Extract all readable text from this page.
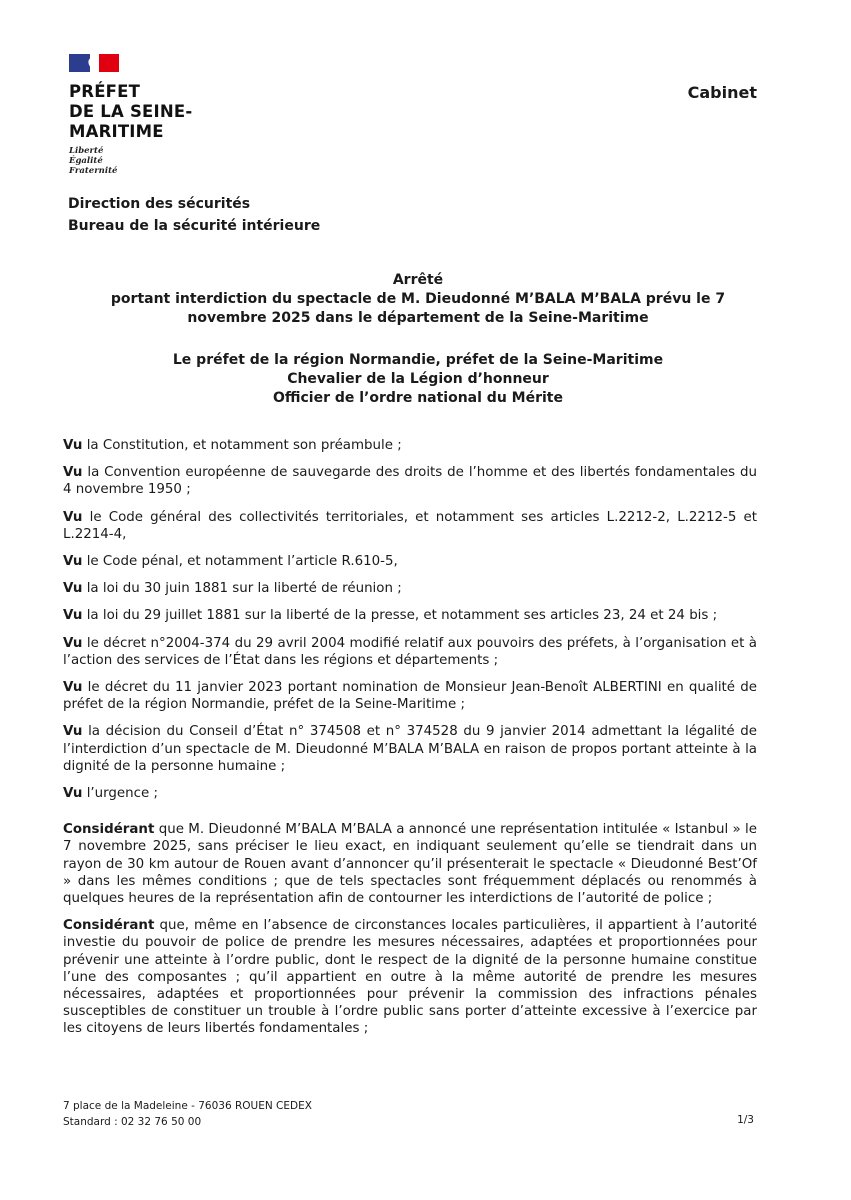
PRÉFET
DE LA SEINE-
MARITIME
Liberté
Égalité
Fraternité
Cabinet
Direction des sécurités
Bureau de la sécurité intérieure
Arrêté
portant interdiction du spectacle de M. Dieudonné M’BALA M’BALA prévu le 7 novembre 2025 dans le département de la Seine-Maritime
Le préfet de la région Normandie, préfet de la Seine-Maritime
Chevalier de la Légion d’honneur
Officier de l’ordre national du Mérite

Vu la Constitution, et notamment son préambule ;

Vu la Convention européenne de sauvegarde des droits de l’homme et des libertés fondamentales du 4 novembre 1950 ;

Vu le Code général des collectivités territoriales, et notamment ses articles L.2212-2, L.2212-5 et L.2214-4,

Vu le Code pénal, et notamment l’article R.610-5,

Vu la loi du 30 juin 1881 sur la liberté de réunion ;

Vu la loi du 29 juillet 1881 sur la liberté de la presse, et notamment ses articles 23, 24 et 24 bis ;

Vu le décret n°2004-374 du 29 avril 2004 modifié relatif aux pouvoirs des préfets, à l’organisation et à l’action des services de l’État dans les régions et départements ;

Vu le décret du 11 janvier 2023 portant nomination de Monsieur Jean-Benoît ALBERTINI en qualité de préfet de la région Normandie, préfet de la Seine-Maritime ;

Vu la décision du Conseil d’État n° 374508 et n° 374528 du 9 janvier 2014 admettant la légalité de l’interdiction d’un spectacle de M. Dieudonné M’BALA M’BALA en raison de propos portant atteinte à la dignité de la personne humaine ;

Vu l’urgence ;

Considérant que M. Dieudonné M’BALA M’BALA a annoncé une représentation intitulée « Istanbul » le 7 novembre 2025, sans préciser le lieu exact, en indiquant seulement qu’elle se tiendrait dans un rayon de 30 km autour de Rouen avant d’annoncer qu’il présenterait le spectacle « Dieudonné Best’Of » dans les mêmes conditions ; que de tels spectacles sont fréquemment déplacés ou renommés à quelques heures de la représentation afin de contourner les interdictions de l’autorité de police ;

Considérant que, même en l’absence de circonstances locales particulières, il appartient à l’autorité investie du pouvoir de police de prendre les mesures nécessaires, adaptées et proportionnées pour prévenir une atteinte à l’ordre public, dont le respect de la dignité de la personne humaine constitue l’une des composantes ; qu’il appartient en outre à la même autorité de prendre les mesures nécessaires, adaptées et proportionnées pour prévenir la commission des infractions pénales susceptibles de constituer un trouble à l’ordre public sans porter d’atteinte excessive à l’exercice par les citoyens de leurs libertés fondamentales ;

7 place de la Madeleine - 76036 ROUEN CEDEX
Standard : 02 32 76 50 00	1/3
